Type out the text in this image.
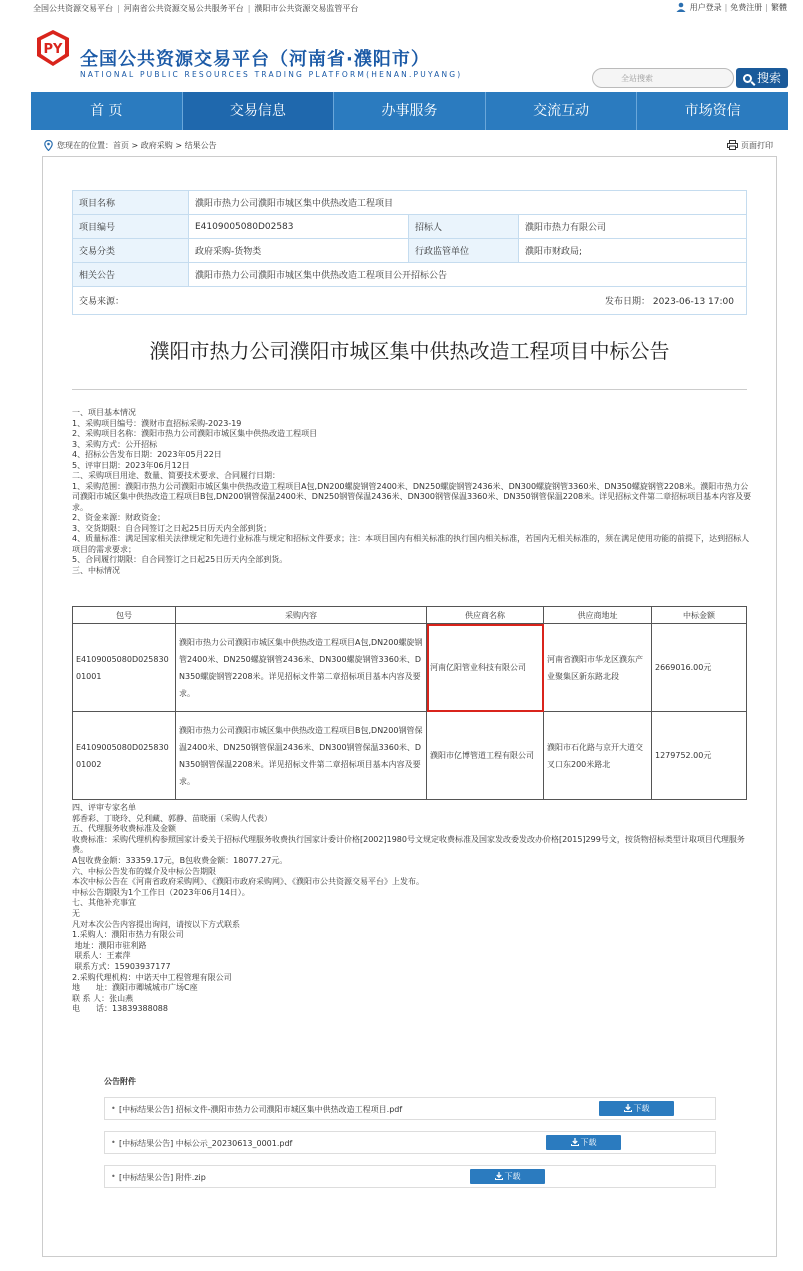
全国公共资源交易平台 | 河南省公共资源交易公共服务平台 | 濮阳市公共资源交易监管平台	用户登录 | 免费注册 | 繁體
PY 全国公共资源交易平台（河南省·濮阳市）
NATIONAL PUBLIC RESOURCES TRADING PLATFORM(HENAN.PUYANG)	全站搜索	搜索
首 页	交易信息	办事服务	交流互动	市场资信
您现在的位置：首页 > 政府采购 > 结果公告	页面打印
项目名称	濮阳市热力公司濮阳市城区集中供热改造工程项目		
项目编号	E4109005080D02583	招标人	濮阳市热力有限公司
交易分类	政府采购-货物类	行政监管单位	濮阳市财政局;
相关公告	濮阳市热力公司濮阳市城区集中供热改造工程项目公开招标公告		
交易来源：		发布日期： 2023-06-13 17:00	
濮阳市热力公司濮阳市城区集中供热改造工程项目中标公告

一、项目基本情况

1、采购项目编号：濮财市直招标采购-2023-19

2、采购项目名称：濮阳市热力公司濮阳市城区集中供热改造工程项目

3、采购方式：公开招标

4、招标公告发布日期：2023年05月22日

5、评审日期：2023年06月12日

二、采购项目用途、数量、简要技术要求、合同履行日期：

1、采购范围：濮阳市热力公司濮阳市城区集中供热改造工程项目A包,DN200螺旋钢管2400米、DN250螺旋钢管2436米、DN300螺旋钢管3360米、DN350螺旋钢管2208米。濮阳市热力公司濮阳市城区集中供热改造工程项目B包,DN200钢管保温2400米、DN250钢管保温2436米、DN300钢管保温3360米、DN350钢管保温2208米。详见招标文件第二章招标项目基本内容及要求。

2、资金来源：财政资金；

3、交货期限：自合同签订之日起25日历天内全部到货；

4、质量标准：满足国家相关法律规定和先进行业标准与规定和招标文件要求；注：本项目国内有相关标准的执行国内相关标准，若国内无相关标准的，须在满足使用功能的前提下，达到招标人项目的需求要求；

5、合同履行期限：自合同签订之日起25日历天内全部到货。

三、中标情况

包号	采购内容	供应商名称	供应商地址	中标金额
E4109005080D02583001001	濮阳市热力公司濮阳市城区集中供热改造工程项目A包,DN200螺旋钢管2400米、DN250螺旋钢管2436米、DN300螺旋钢管3360米、DN350螺旋钢管2208米。详见招标文件第二章招标项目基本内容及要求。	河南亿阳管业科技有限公司	河南省濮阳市华龙区濮东产业聚集区新东路北段	2669016.00元
E4109005080D02583001002	濮阳市热力公司濮阳市城区集中供热改造工程项目B包,DN200钢管保温2400米、DN250钢管保温2436米、DN300钢管保温3360米、DN350钢管保温2208米。详见招标文件第二章招标项目基本内容及要求。	濮阳市亿博管道工程有限公司	濮阳市石化路与京开大道交叉口东200米路北	1279752.00元

四、评审专家名单

郭香彩、丁晓玲、兑利藏、郭静、苗晓丽（采购人代表）

五、代理服务收费标准及金额

收费标准：采购代理机构参照国家计委关于招标代理服务收费执行国家计委计价格[2002]1980号文规定收费标准及国家发改委发改办价格[2015]299号文，按货物招标类型计取项目代理服务费。

A包收费金额：33359.17元，B包收费金额：18077.27元。

六、中标公告发布的媒介及中标公告期限

本次中标公告在《河南省政府采购网》、《濮阳市政府采购网》、《濮阳市公共资源交易平台》上发布。

中标公告期限为1个工作日（2023年06月14日）。

七、其他补充事宜

无

凡对本次公告内容提出询问，请按以下方式联系

1.采购人：濮阳市热力有限公司

地址：濮阳市驻利路

联系人：王素萍

联系方式：15903937177

2.采购代理机构：中诺天中工程管理有限公司

地　　址：濮阳市卿城城市广场C座

联 系 人：张山燕

电　　话：13839388088

公告附件
• [中标结果公告] 招标文件-濮阳市热力公司濮阳市城区集中供热改造工程项目.pdf	下载
• [中标结果公告] 中标公示_20230613_0001.pdf	下载
• [中标结果公告] 附件.zip	下载
